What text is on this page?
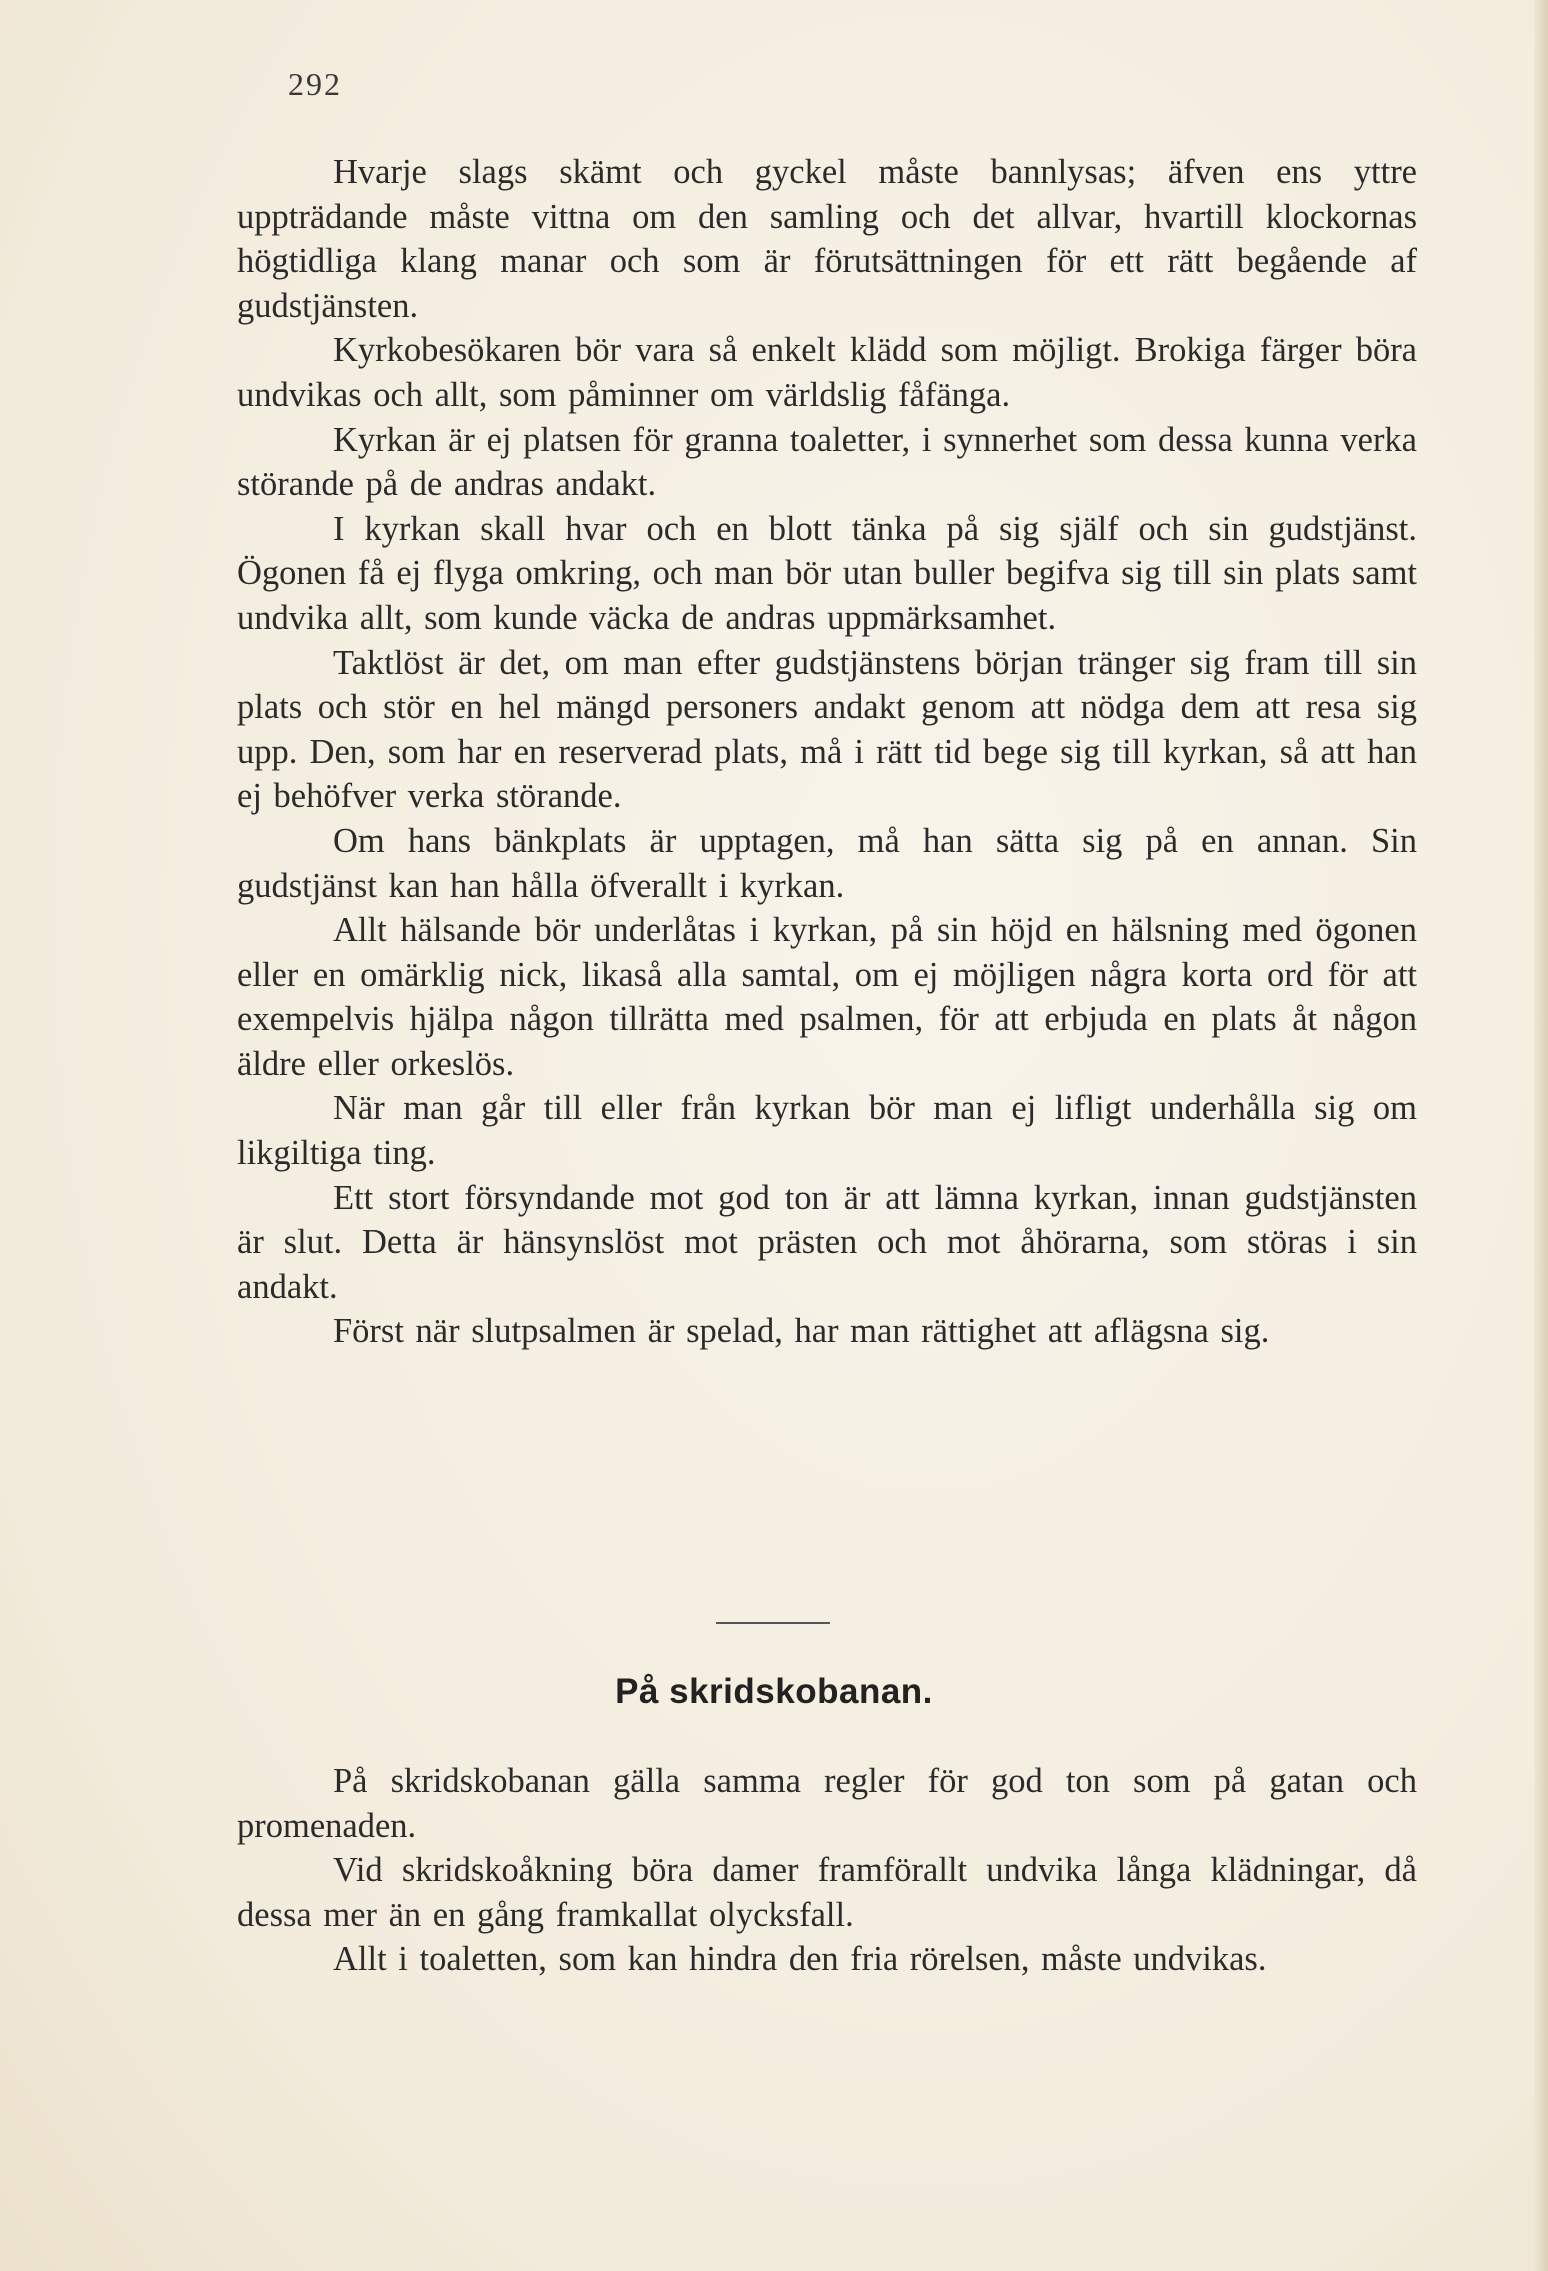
292

Hvarje slags skämt och gyckel måste bannlysas; äfven ens yttre uppträdande måste vittna om den samling och det allvar, hvartill klockornas högtidliga klang manar och som är förutsättningen för ett rätt begående af gudstjänsten.

Kyrkobesökaren bör vara så enkelt klädd som möjligt. Brokiga färger böra undvikas och allt, som påminner om världslig fåfänga.

Kyrkan är ej platsen för granna toaletter, i synnerhet som dessa kunna verka störande på de andras andakt.

I kyrkan skall hvar och en blott tänka på sig själf och sin gudstjänst. Ögonen få ej flyga omkring, och man bör utan buller begifva sig till sin plats samt undvika allt, som kunde väcka de andras uppmärksamhet.

Taktlöst är det, om man efter gudstjänstens början tränger sig fram till sin plats och stör en hel mängd personers andakt genom att nödga dem att resa sig upp. Den, som har en reserverad plats, må i rätt tid bege sig till kyrkan, så att han ej behöfver verka störande.

Om hans bänkplats är upptagen, må han sätta sig på en annan. Sin gudstjänst kan han hålla öfverallt i kyrkan.

Allt hälsande bör underlåtas i kyrkan, på sin höjd en hälsning med ögonen eller en omärklig nick, likaså alla samtal, om ej möjligen några korta ord för att exempelvis hjälpa någon tillrätta med psalmen, för att erbjuda en plats åt någon äldre eller orkeslös.

När man går till eller från kyrkan bör man ej lifligt underhålla sig om likgiltiga ting.

Ett stort försyndande mot god ton är att lämna kyrkan, innan gudstjänsten är slut. Detta är hänsynslöst mot prästen och mot åhörarna, som störas i sin andakt.

Först när slutpsalmen är spelad, har man rättighet att aflägsna sig.

På skridskobanan.

På skridskobanan gälla samma regler för god ton som på gatan och promenaden.

Vid skridskoåkning böra damer framförallt undvika långa klädningar, då dessa mer än en gång framkallat olycksfall.

Allt i toaletten, som kan hindra den fria rörelsen, måste undvikas.
